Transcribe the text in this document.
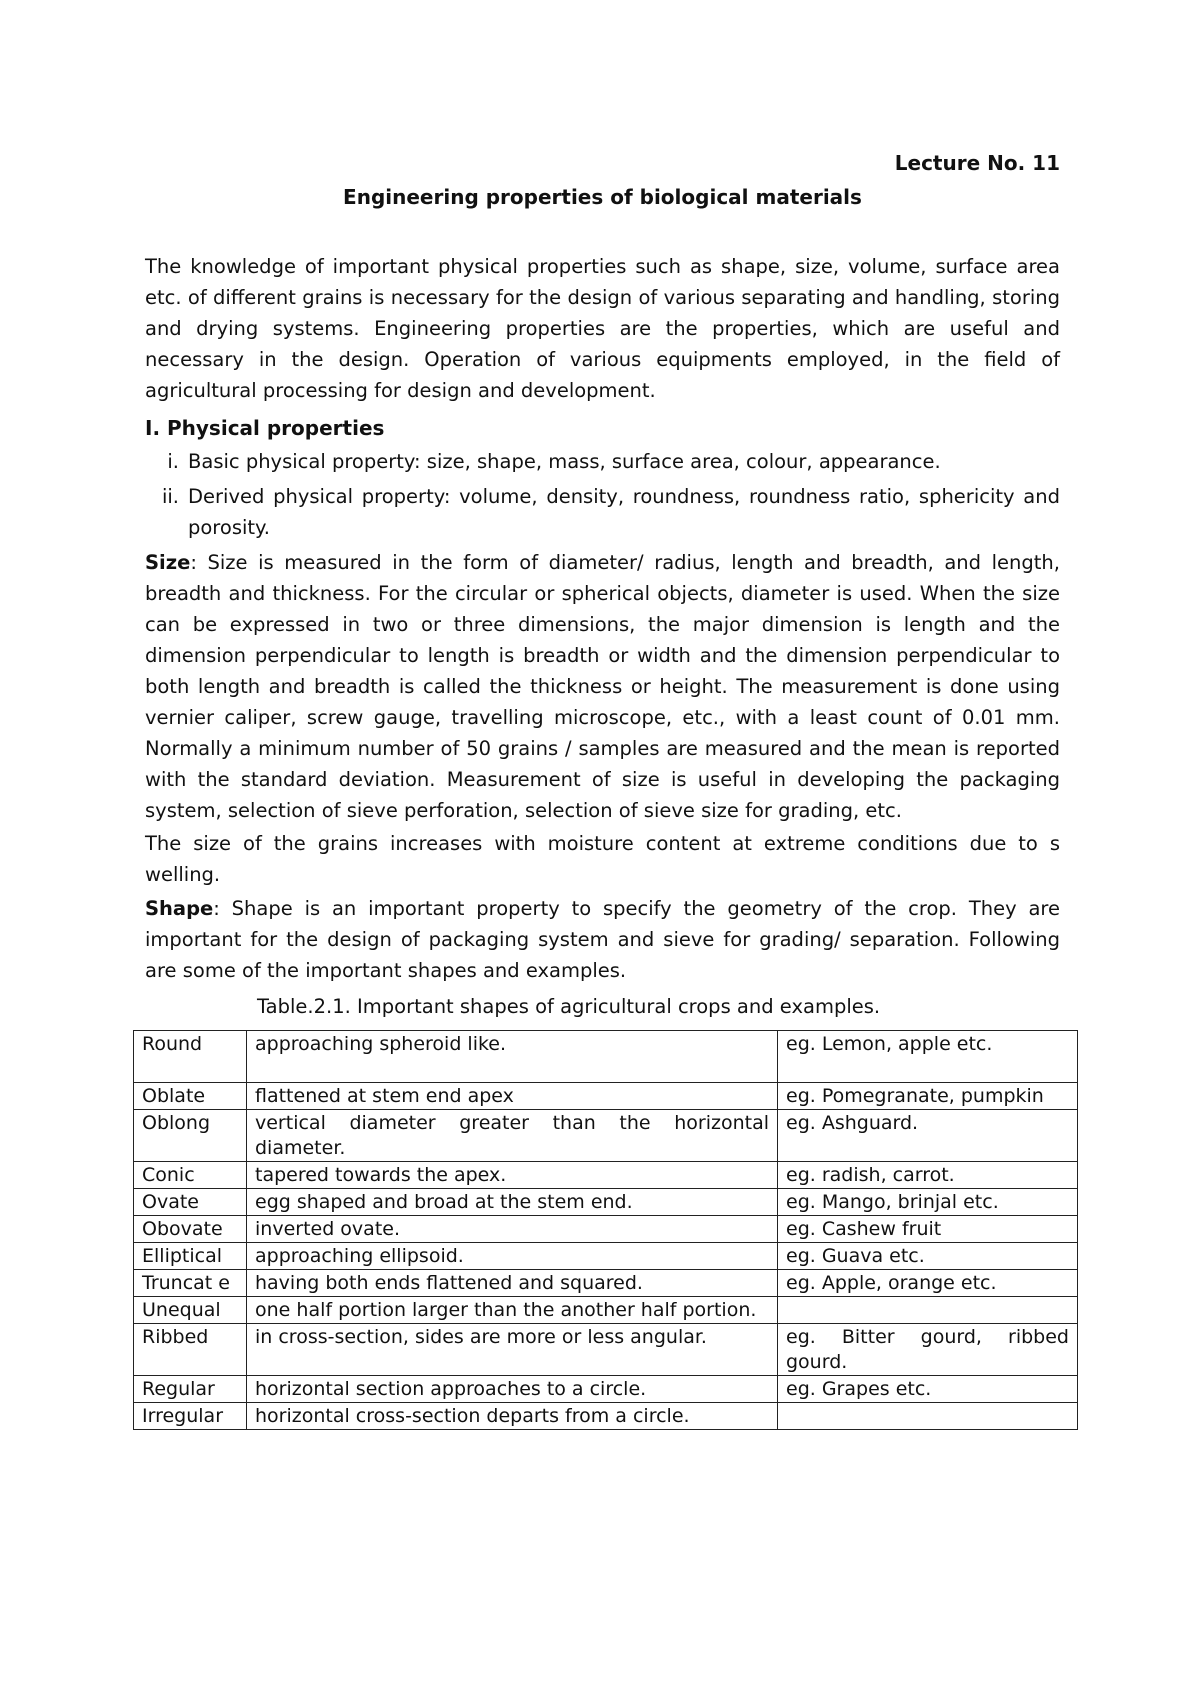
Lecture No. 11
Engineering properties of biological materials
The knowledge of important physical properties such as shape, size, volume, surface area etc. of different grains is necessary for the design of various separating and handling, storing and drying systems. Engineering properties are the properties, which are useful and necessary in the design. Operation of various equipments employed, in the field of agricultural processing for design and development.
I. Physical properties
i. Basic physical property: size, shape, mass, surface area, colour, appearance.
ii. Derived physical property: volume, density, roundness, roundness ratio, sphericity and porosity.
Size: Size is measured in the form of diameter/ radius, length and breadth, and length, breadth and thickness. For the circular or spherical objects, diameter is used. When the size can be expressed in two or three dimensions, the major dimension is length and the dimension perpendicular to length is breadth or width and the dimension perpendicular to both length and breadth is called the thickness or height. The measurement is done using vernier caliper, screw gauge, travelling microscope, etc., with a least count of 0.01 mm. Normally a minimum number of 50 grains / samples are measured and the mean is reported with the standard deviation. Measurement of size is useful in developing the packaging system, selection of sieve perforation, selection of sieve size for grading, etc.
The size of the grains increases with moisture content at extreme conditions due to s welling.
Shape: Shape is an important property to specify the geometry of the crop. They are important for the design of packaging system and sieve for grading/ separation. Following are some of the important shapes and examples.
Table.2.1. Important shapes of agricultural crops and examples.
Round	approaching spheroid like.	eg. Lemon, apple etc.
Oblate	flattened at stem end apex	eg. Pomegranate, pumpkin
Oblong	vertical diameter greater than the horizontal diameter.	eg. Ashguard.
Conic	tapered towards the apex.	eg. radish, carrot.
Ovate	egg shaped and broad at the stem end.	eg. Mango, brinjal etc.
Obovate	inverted ovate.	eg. Cashew fruit
Elliptical	approaching ellipsoid.	eg. Guava etc.
Truncat e	having both ends flattened and squared.	eg. Apple, orange etc.
Unequal	one half portion larger than the another half portion.	
Ribbed	in cross-section, sides are more or less angular.	eg. Bitter gourd, ribbed gourd.
Regular	horizontal section approaches to a circle.	eg. Grapes etc.
Irregular	horizontal cross-section departs from a circle.	
